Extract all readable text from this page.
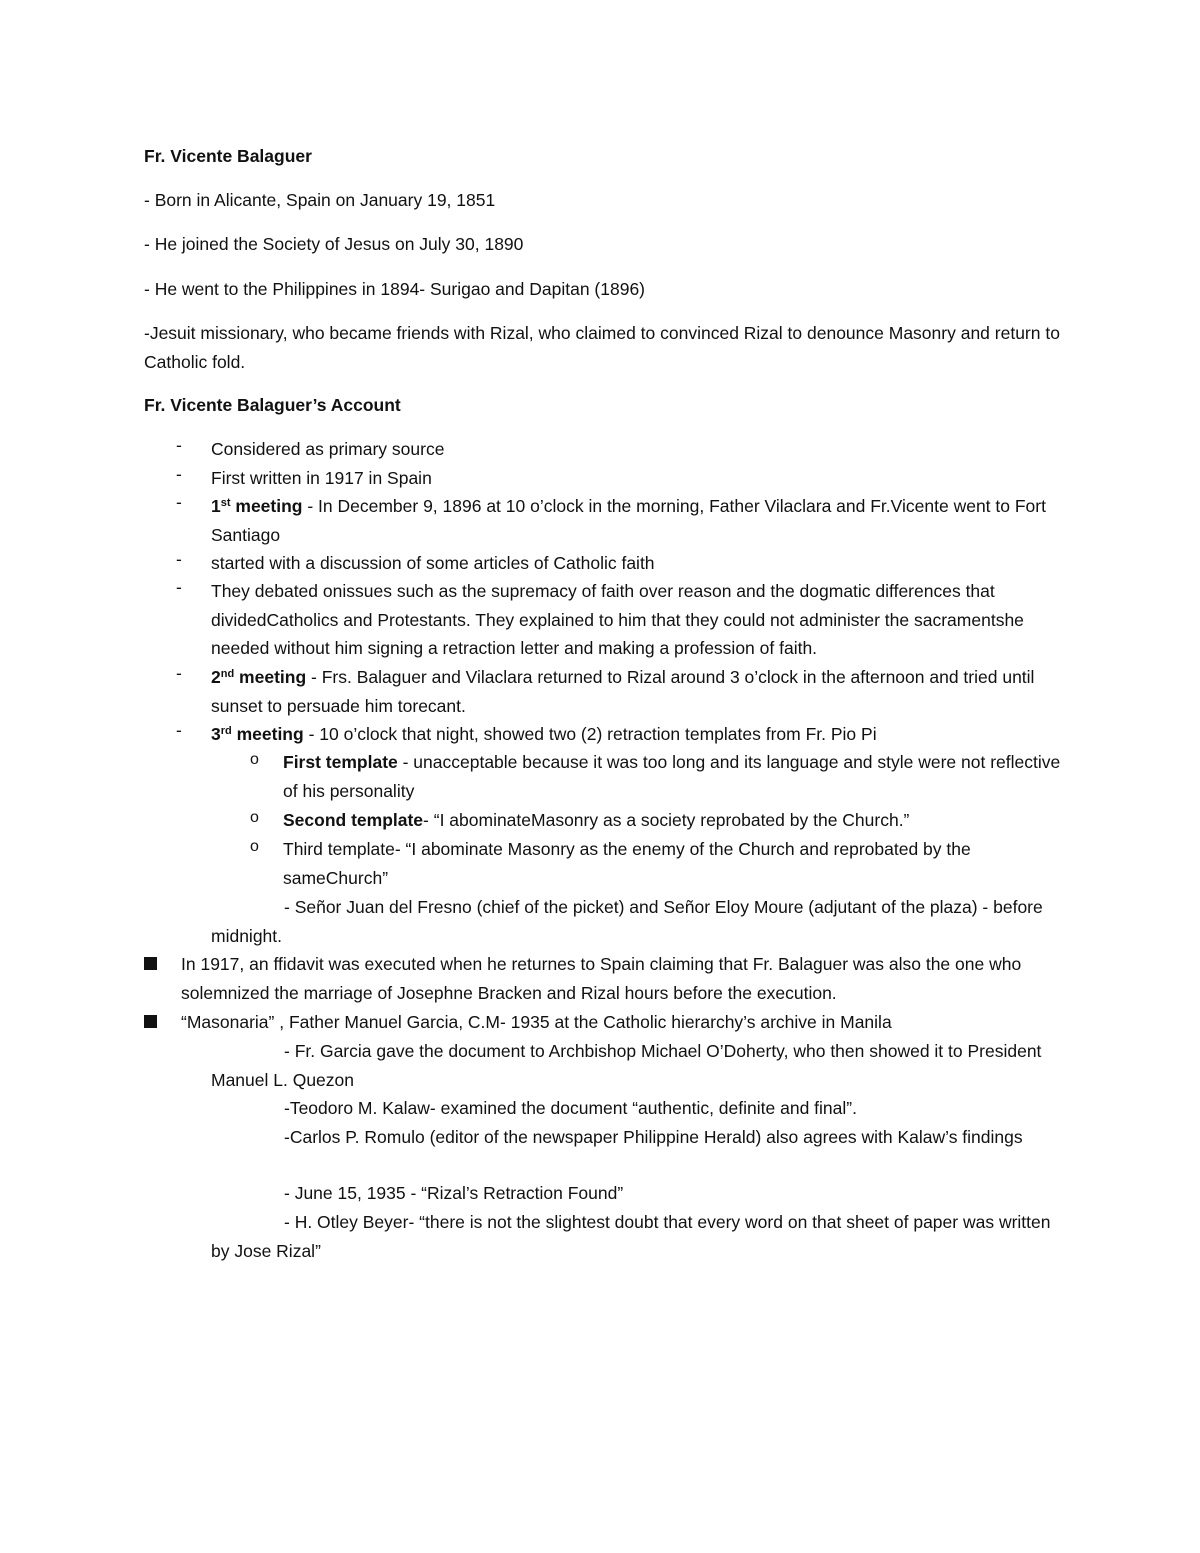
Fr. Vicente Balaguer
- Born in Alicante, Spain on January 19, 1851
- He joined the Society of Jesus on July 30, 1890
- He went to the Philippines in 1894- Surigao and Dapitan (1896)
-Jesuit missionary, who became friends with Rizal, who claimed to convinced Rizal to denounce Masonry and return to Catholic fold.
Fr. Vicente Balaguer’s Account
- Considered as primary source
- First written in 1917 in Spain
- 1st meeting - In December 9, 1896 at 10 o’clock in the morning, Father Vilaclara and Fr.Vicente went to Fort Santiago
- started with a discussion of some articles of Catholic faith
- They debated onissues such as the supremacy of faith over reason and the dogmatic differences that dividedCatholics and Protestants. They explained to him that they could not administer the sacramentshe needed without him signing a retraction letter and making a profession of faith.
- 2nd meeting - Frs. Balaguer and Vilaclara returned to Rizal around 3 o’clock in the afternoon and tried until sunset to persuade him torecant.
- 3rd meeting - 10 o’clock that night, showed two (2) retraction templates from Fr. Pio Pi
o First template - unacceptable because it was too long and its language and style were not reflective of his personality
o Second template- “I abominateMasonry as a society reprobated by the Church.”
o Third template- “I abominate Masonry as the enemy of the Church and reprobated by the sameChurch”
- Señor Juan del Fresno (chief of the picket) and Señor Eloy Moure (adjutant of the plaza) - before midnight.
In 1917, an ffidavit was executed when he returnes to Spain claiming that Fr. Balaguer was also the one who solemnized the marriage of Josephne Bracken and Rizal hours before the execution.
“Masonaria” , Father Manuel Garcia, C.M- 1935 at the Catholic hierarchy’s archive in Manila
- Fr. Garcia gave the document to Archbishop Michael O’Doherty, who then showed it to President Manuel L. Quezon
-Teodoro M. Kalaw- examined the document “authentic, definite and final”.
-Carlos P. Romulo (editor of the newspaper Philippine Herald) also agrees with Kalaw’s findings
- June 15, 1935 - “Rizal’s Retraction Found”
- H. Otley Beyer- “there is not the slightest doubt that every word on that sheet of paper was written by Jose Rizal”
